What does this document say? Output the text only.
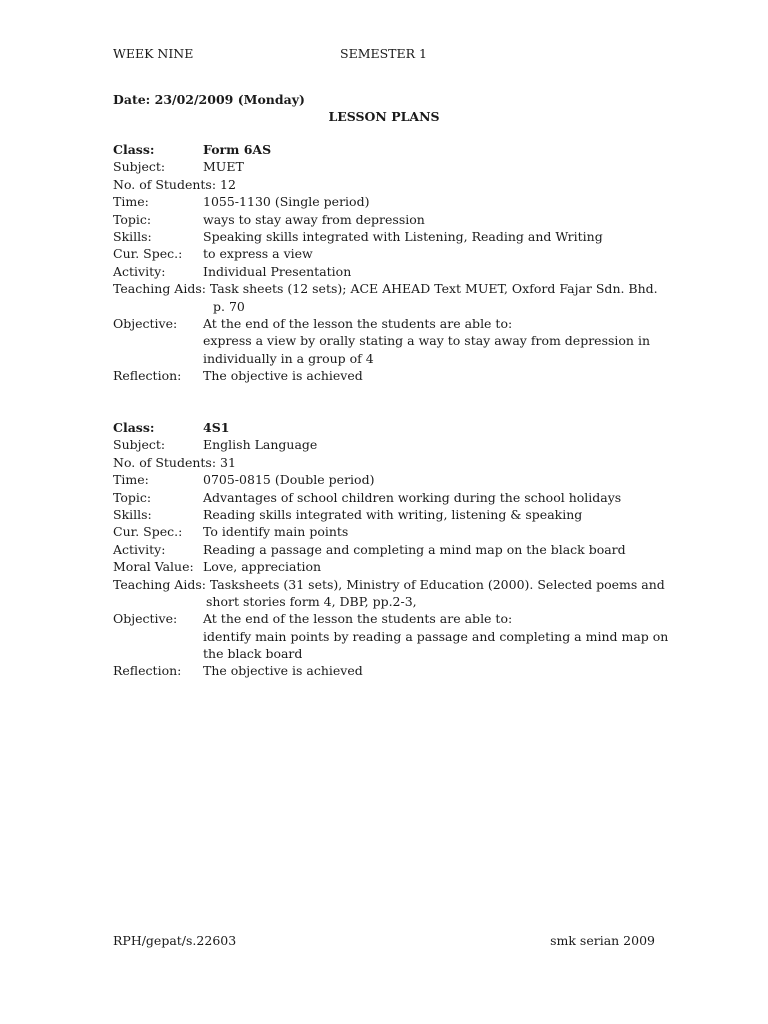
WEEK NINE	SEMESTER 1
Date: 23/02/2009 (Monday)
LESSON PLANS
Class:	Form 6AS
Subject:	MUET
No. of Students: 12
Time:	1055-1130 (Single period)
Topic:	ways to stay away from depression
Skills:	Speaking skills integrated with Listening, Reading and Writing
Cur. Spec.: to express a view
Activity:	Individual Presentation
Teaching Aids: Task sheets (12 sets); ACE AHEAD Text MUET, Oxford Fajar Sdn. Bhd.
p. 70
Objective: At the end of the lesson the students are able to:
express a view by orally stating a way to stay away from depression in
individually in a group of 4
Reflection: The objective is achieved
Class:	4S1
Subject:	English Language
No. of Students: 31
Time:	0705-0815 (Double period)
Topic:	Advantages of school children working during the school holidays
Skills:	Reading skills integrated with writing, listening & speaking
Cur. Spec.: To identify main points
Activity:	Reading a passage and completing a mind map on the black board
Moral Value: Love, appreciation
Teaching Aids: Tasksheets (31 sets), Ministry of Education (2000). Selected poems and
short stories form 4, DBP, pp.2-3,
Objective: At the end of the lesson the students are able to:
identify main points by reading a passage and completing a mind map on
the black board
Reflection: The objective is achieved
RPH/gepat/s.22603	smk serian 2009
